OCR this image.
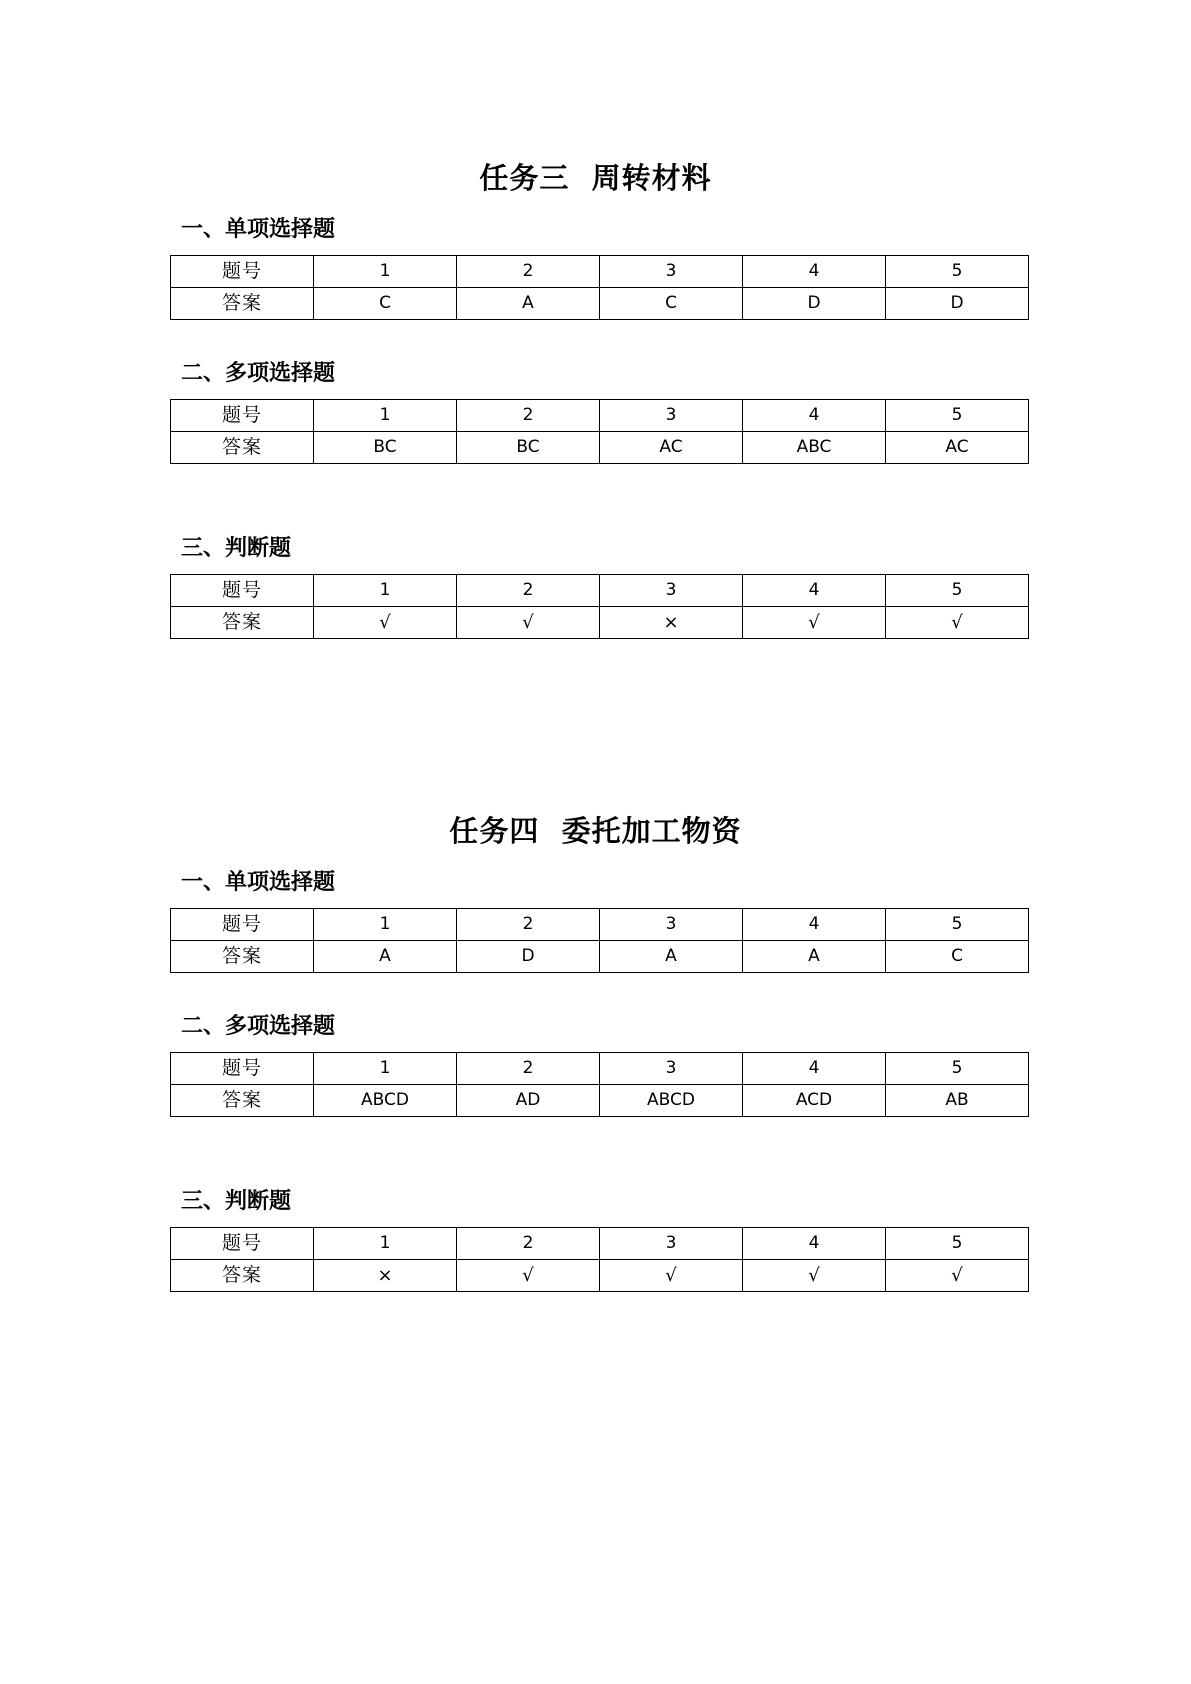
任务三  周转材料
一、单项选择题
题号	1	2	3	4	5
答案	C	A	C	D	D
二、多项选择题
题号	1	2	3	4	5
答案	BC	BC	AC	ABC	AC
三、判断题
题号	1	2	3	4	5
答案	√	√	×	√	√
任务四  委托加工物资
一、单项选择题
题号	1	2	3	4	5
答案	A	D	A	A	C
二、多项选择题
题号	1	2	3	4	5
答案	ABCD	AD	ABCD	ACD	AB
三、判断题
题号	1	2	3	4	5
答案	×	√	√	√	√
